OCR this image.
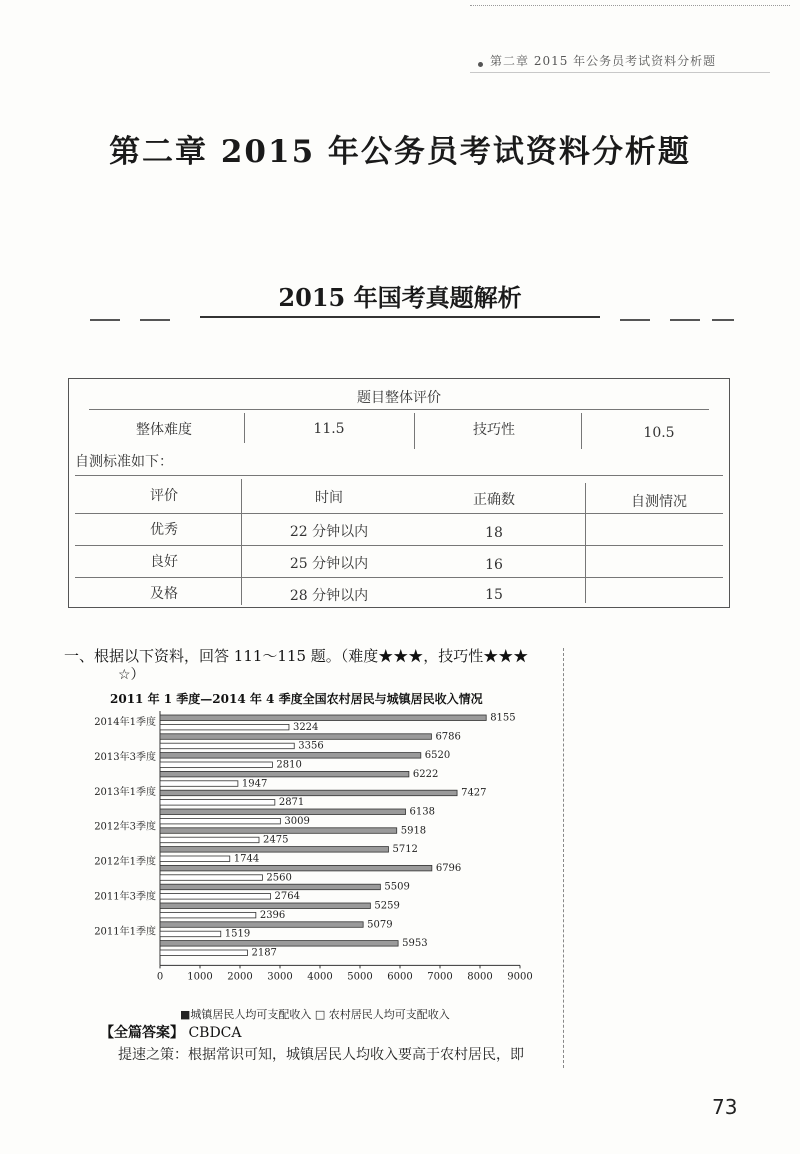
第二章 2015 年公务员考试资料分析题
第二章 2015 年公务员考试资料分析题
2015 年国考真题解析
题目整体评价
整体难度	11.5	技巧性	10.5
自测标准如下：
评价	时间	正确数	自测情况
优秀	22 分钟以内	18
良好	25 分钟以内	16
及格	28 分钟以内	15
一、根据以下资料，回答 111～115 题。（难度★★★，技巧性★★★
☆）
2011 年 1 季度—2014 年 4 季度全国农村居民与城镇居民收入情况
0 1000 2000 3000 4000 5000 6000 7000 8000 9000
8155
3224
6786
3356
6520
2810
6222
1947
7427
2871
6138
3009
5918
2475
5712
1744
6796
2560
5509
2764
5259
2396
5079
1519
5953
2187
2014年1季度
2013年3季度
2013年1季度
2012年3季度
2012年1季度
2011年3季度
2011年1季度
■城镇居民人均可支配收入 □ 农村居民人均可支配收入
【全篇答案】 CBDCA
提速之策：根据常识可知，城镇居民人均收入要高于农村居民，即
73
